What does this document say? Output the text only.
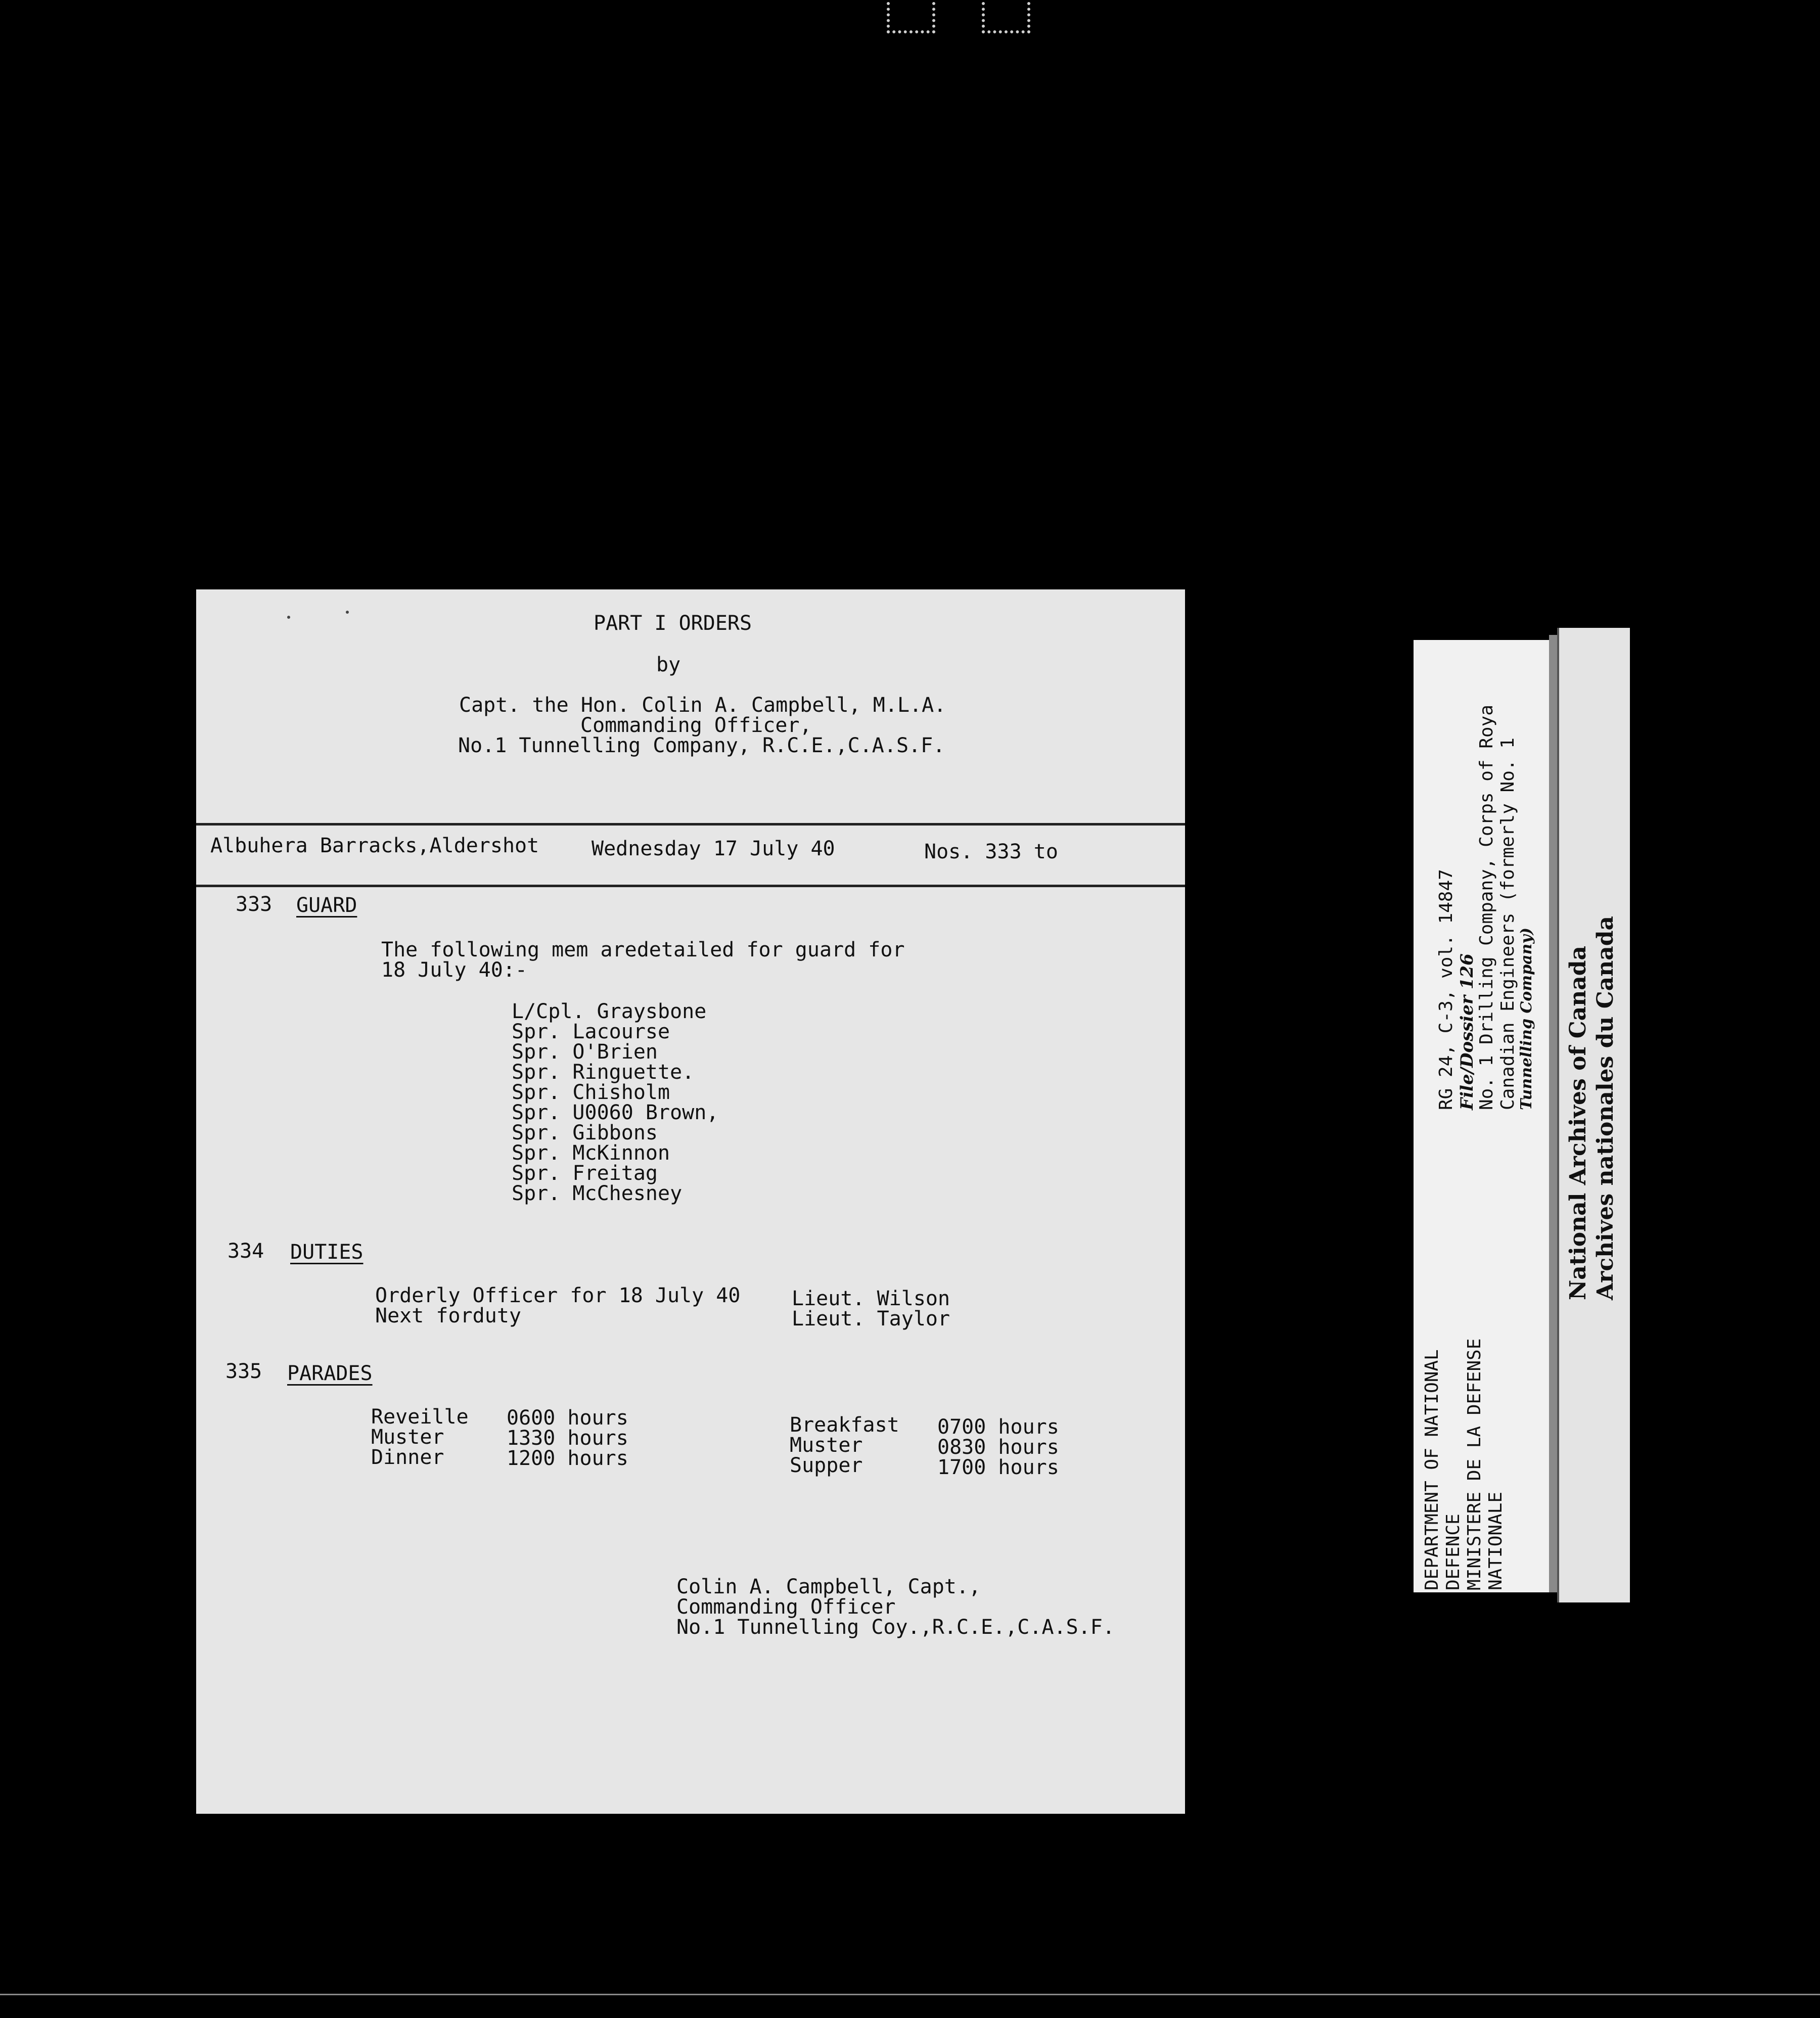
PART I ORDERS
by
Capt. the Hon. Colin A. Campbell, M.L.A.
Commanding Officer,
No.1 Tunnelling Company, R.C.E.,C.A.S.F.
Albuhera Barracks,Aldershot	Wednesday 17 July 40	Nos. 333 to
333 GUARD
The following mem aredetailed for guard for
18 July 40:-
L/Cpl. Graysbone
Spr. Lacourse
Spr. O'Brien
Spr. Ringuette.
Spr. Chisholm
Spr. U0060 Brown,
Spr. Gibbons
Spr. McKinnon
Spr. Freitag
Spr. McChesney
334 DUTIES
Orderly Officer for 18 July 40	Lieut. Wilson
Next forduty	Lieut. Taylor
335 PARADES
Reveille 0600 hours
Muster	1330 hours
Dinner	1200 hours
Breakfast 0700 hours
Muster	0830 hours
Supper	1700 hours
Colin A. Campbell, Capt.,
Commanding Officer
No.1 Tunnelling Coy.,R.C.E.,C.A.S.F.
RG 24, C-3, vol. 14847 File/Dossier 126
No. 1 Drilling Company, Corps of Roya Canadian Engineers (formerly No. 1 Tunnelling Company)
DEPARTMENT OF NATIONAL DEFENCE MINISTERE DE LA DEFENSE NATIONALE
National Archives of Canada Archives nationales du Canada
